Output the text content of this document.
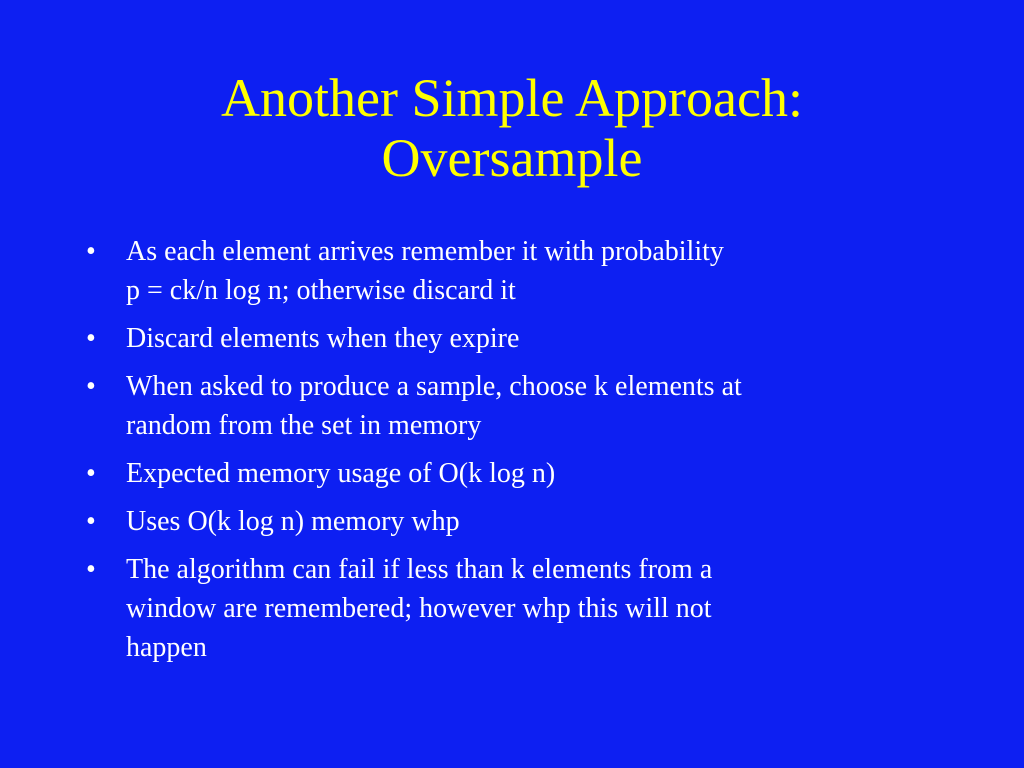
Another Simple Approach:
Oversample
• As each element arrives remember it with probability
p = ck/n log n; otherwise discard it
• Discard elements when they expire
• When asked to produce a sample, choose k elements at
random from the set in memory
• Expected memory usage of O(k log n)
• Uses O(k log n) memory whp
• The algorithm can fail if less than k elements from a
window are remembered; however whp this will not
happen
